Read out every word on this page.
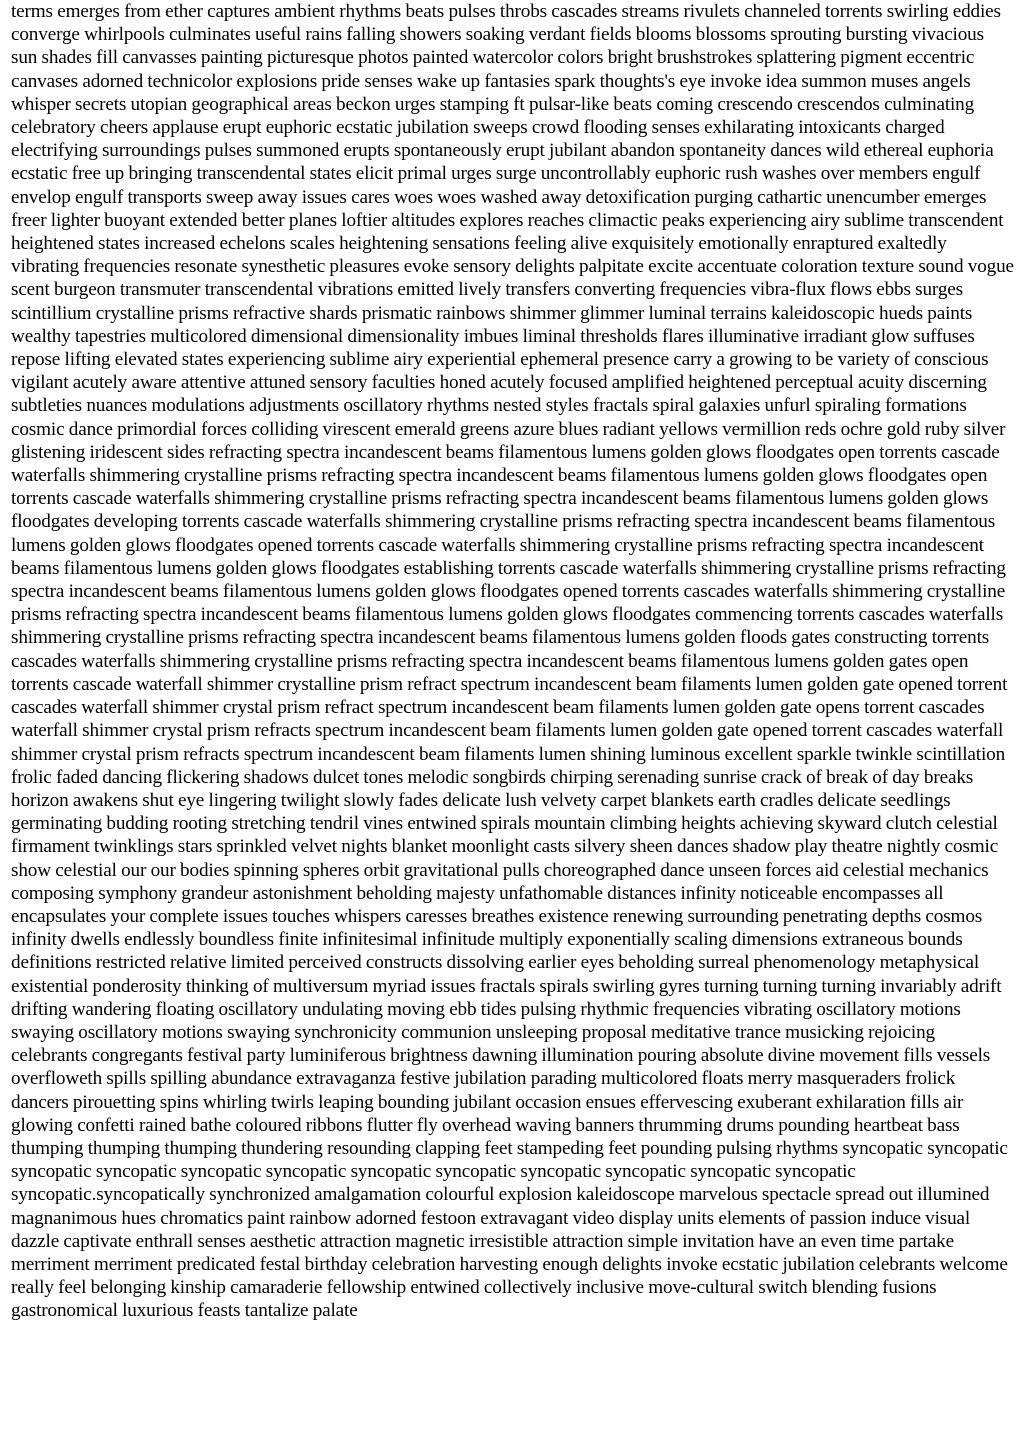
terms emerges from ether captures ambient rhythms beats pulses throbs cascades streams rivulets channeled torrents swirling eddies converge whirlpools culminates useful rains falling showers soaking verdant fields blooms blossoms sprouting bursting vivacious sun shades fill canvasses painting picturesque photos painted watercolor colors bright brushstrokes splattering pigment eccentric canvases adorned technicolor explosions pride senses wake up fantasies spark thoughts's eye invoke idea summon muses angels whisper secrets utopian geographical areas beckon urges stamping ft pulsar-like beats coming crescendo crescendos culminating celebratory cheers applause erupt euphoric ecstatic jubilation sweeps crowd flooding senses exhilarating intoxicants charged electrifying surroundings pulses summoned erupts spontaneously erupt jubilant abandon spontaneity dances wild ethereal euphoria ecstatic free up bringing transcendental states elicit primal urges surge uncontrollably euphoric rush washes over members engulf envelop engulf transports sweep away issues cares woes woes washed away detoxification purging cathartic unencumber emerges freer lighter buoyant extended better planes loftier altitudes explores reaches climactic peaks experiencing airy sublime transcendent heightened states increased echelons scales heightening sensations feeling alive exquisitely emotionally enraptured exaltedly vibrating frequencies resonate synesthetic pleasures evoke sensory delights palpitate excite accentuate coloration texture sound vogue scent burgeon transmuter transcendental vibrations emitted lively transfers converting frequencies vibra-flux flows ebbs surges scintillium crystalline prisms refractive shards prismatic rainbows shimmer glimmer luminal terrains kaleidoscopic hueds paints wealthy tapestries multicolored dimensional dimensionality imbues liminal thresholds flares illuminative irradiant glow suffuses repose lifting elevated states experiencing sublime airy experiential ephemeral presence carry a growing to be variety of conscious vigilant acutely aware attentive attuned sensory faculties honed acutely focused amplified heightened perceptual acuity discerning subtleties nuances modulations adjustments oscillatory rhythms nested styles fractals spiral galaxies unfurl spiraling formations cosmic dance primordial forces colliding virescent emerald greens azure blues radiant yellows vermillion reds ochre gold ruby silver glistening iridescent sides refracting spectra incandescent beams filamentous lumens golden glows floodgates open torrents cascade waterfalls shimmering crystalline prisms refracting spectra incandescent beams filamentous lumens golden glows floodgates open torrents cascade waterfalls shimmering crystalline prisms refracting spectra incandescent beams filamentous lumens golden glows floodgates developing torrents cascade waterfalls shimmering crystalline prisms refracting spectra incandescent beams filamentous lumens golden glows floodgates opened torrents cascade waterfalls shimmering crystalline prisms refracting spectra incandescent beams filamentous lumens golden glows floodgates establishing torrents cascade waterfalls shimmering crystalline prisms refracting spectra incandescent beams filamentous lumens golden glows floodgates opened torrents cascades waterfalls shimmering crystalline prisms refracting spectra incandescent beams filamentous lumens golden glows floodgates commencing torrents cascades waterfalls shimmering crystalline prisms refracting spectra incandescent beams filamentous lumens golden floods gates constructing torrents cascades waterfalls shimmering crystalline prisms refracting spectra incandescent beams filamentous lumens golden gates open torrents cascade waterfall shimmer crystalline prism refract spectrum incandescent beam filaments lumen golden gate opened torrent cascades waterfall shimmer crystal prism refract spectrum incandescent beam filaments lumen golden gate opens torrent cascades waterfall shimmer crystal prism refracts spectrum incandescent beam filaments lumen golden gate opened torrent cascades waterfall shimmer crystal prism refracts spectrum incandescent beam filaments lumen shining luminous excellent sparkle twinkle scintillation frolic faded dancing flickering shadows dulcet tones melodic songbirds chirping serenading sunrise crack of break of day breaks horizon awakens shut eye lingering twilight slowly fades delicate lush velvety carpet blankets earth cradles delicate seedlings germinating budding rooting stretching tendril vines entwined spirals mountain climbing heights achieving skyward clutch celestial firmament twinklings stars sprinkled velvet nights blanket moonlight casts silvery sheen dances shadow play theatre nightly cosmic show celestial our our bodies spinning spheres orbit gravitational pulls choreographed dance unseen forces aid celestial mechanics composing symphony grandeur astonishment beholding majesty unfathomable distances infinity noticeable encompasses all encapsulates your complete issues touches whispers caresses breathes existence renewing surrounding penetrating depths cosmos infinity dwells endlessly boundless finite infinitesimal infinitude multiply exponentially scaling dimensions extraneous bounds definitions restricted relative limited perceived constructs dissolving earlier eyes beholding surreal phenomenology metaphysical existential ponderosity thinking of multiversum myriad issues fractals spirals swirling gyres turning turning turning invariably adrift drifting wandering floating oscillatory undulating moving ebb tides pulsing rhythmic frequencies vibrating oscillatory motions swaying oscillatory motions swaying synchronicity communion unsleeping proposal meditative trance musicking rejoicing celebrants congregants festival party luminiferous brightness dawning illumination pouring absolute divine movement fills vessels overfloweth spills spilling abundance extravaganza festive jubilation parading multicolored floats merry masqueraders frolick dancers pirouetting spins whirling twirls leaping bounding jubilant occasion ensues effervescing exuberant exhilaration fills air glowing confetti rained bathe coloured ribbons flutter fly overhead waving banners thrumming drums pounding heartbeat bass thumping thumping thumping thundering resounding clapping feet stampeding feet pounding pulsing rhythms syncopatic syncopatic syncopatic syncopatic syncopatic syncopatic syncopatic syncopatic syncopatic syncopatic syncopatic syncopatic syncopatic.syncopatically synchronized amalgamation colourful explosion kaleidoscope marvelous spectacle spread out illumined magnanimous hues chromatics paint rainbow adorned festoon extravagant video display units elements of passion induce visual dazzle captivate enthrall senses aesthetic attraction magnetic irresistible attraction simple invitation have an even time partake merriment merriment predicated festal birthday celebration harvesting enough delights invoke ecstatic jubilation celebrants welcome really feel belonging kinship camaraderie fellowship entwined collectively inclusive move-cultural switch blending fusions gastronomical luxurious feasts tantalize palate
